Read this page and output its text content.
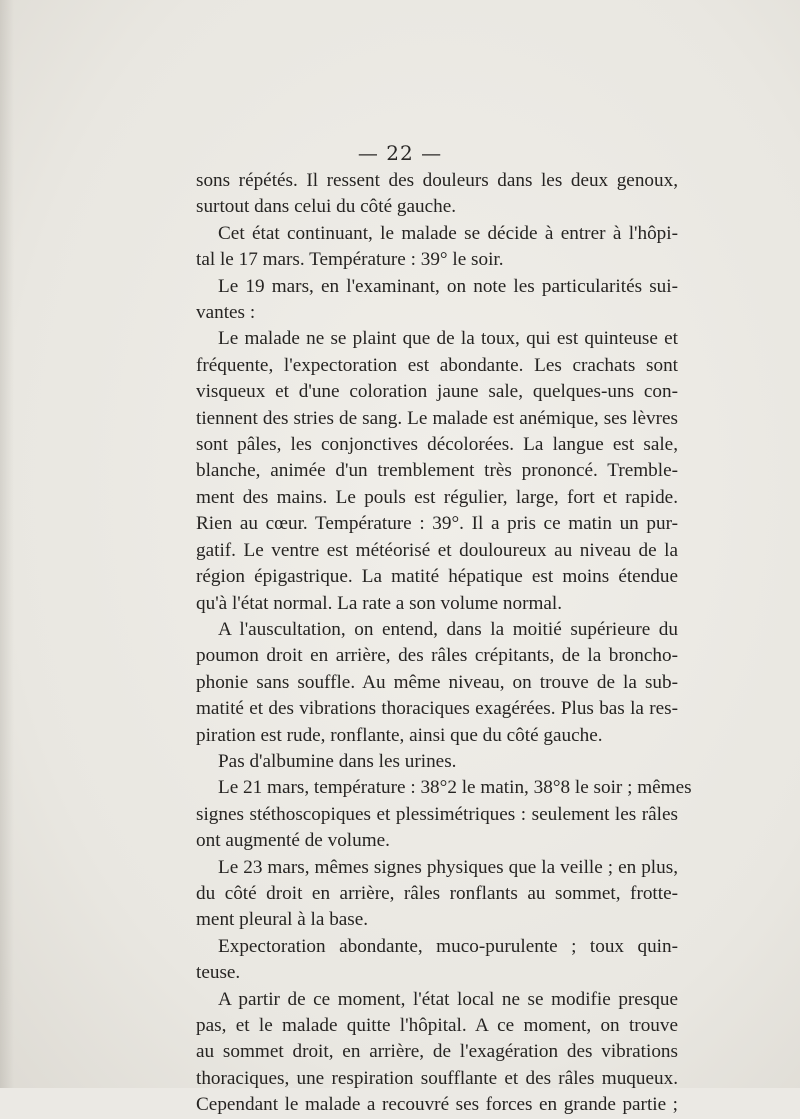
— 22 —
sons répétés. Il ressent des douleurs dans les deux genoux,
surtout dans celui du côté gauche.
Cet état continuant, le malade se décide à entrer à l'hôpi-
tal le 17 mars. Température : 39° le soir.
Le 19 mars, en l'examinant, on note les particularités sui-
vantes :
Le malade ne se plaint que de la toux, qui est quinteuse et
fréquente, l'expectoration est abondante. Les crachats sont
visqueux et d'une coloration jaune sale, quelques-uns con-
tiennent des stries de sang. Le malade est anémique, ses lèvres
sont pâles, les conjonctives décolorées. La langue est sale,
blanche, animée d'un tremblement très prononcé. Tremble-
ment des mains. Le pouls est régulier, large, fort et rapide.
Rien au cœur. Température : 39°. Il a pris ce matin un pur-
gatif. Le ventre est météorisé et douloureux au niveau de la
région épigastrique. La matité hépatique est moins étendue
qu'à l'état normal. La rate a son volume normal.
A l'auscultation, on entend, dans la moitié supérieure du
poumon droit en arrière, des râles crépitants, de la broncho-
phonie sans souffle. Au même niveau, on trouve de la sub-
matité et des vibrations thoraciques exagérées. Plus bas la res-
piration est rude, ronflante, ainsi que du côté gauche.
Pas d'albumine dans les urines.
Le 21 mars, température : 38°2 le matin, 38°8 le soir ; mêmes
signes stéthoscopiques et plessimétriques : seulement les râles
ont augmenté de volume.
Le 23 mars, mêmes signes physiques que la veille ; en plus,
du côté droit en arrière, râles ronflants au sommet, frotte-
ment pleural à la base.
Expectoration abondante, muco-purulente ; toux quin-
teuse.
A partir de ce moment, l'état local ne se modifie presque
pas, et le malade quitte l'hôpital. A ce moment, on trouve
au sommet droit, en arrière, de l'exagération des vibrations
thoraciques, une respiration soufflante et des râles muqueux.
Cependant le malade a recouvré ses forces en grande partie ;
